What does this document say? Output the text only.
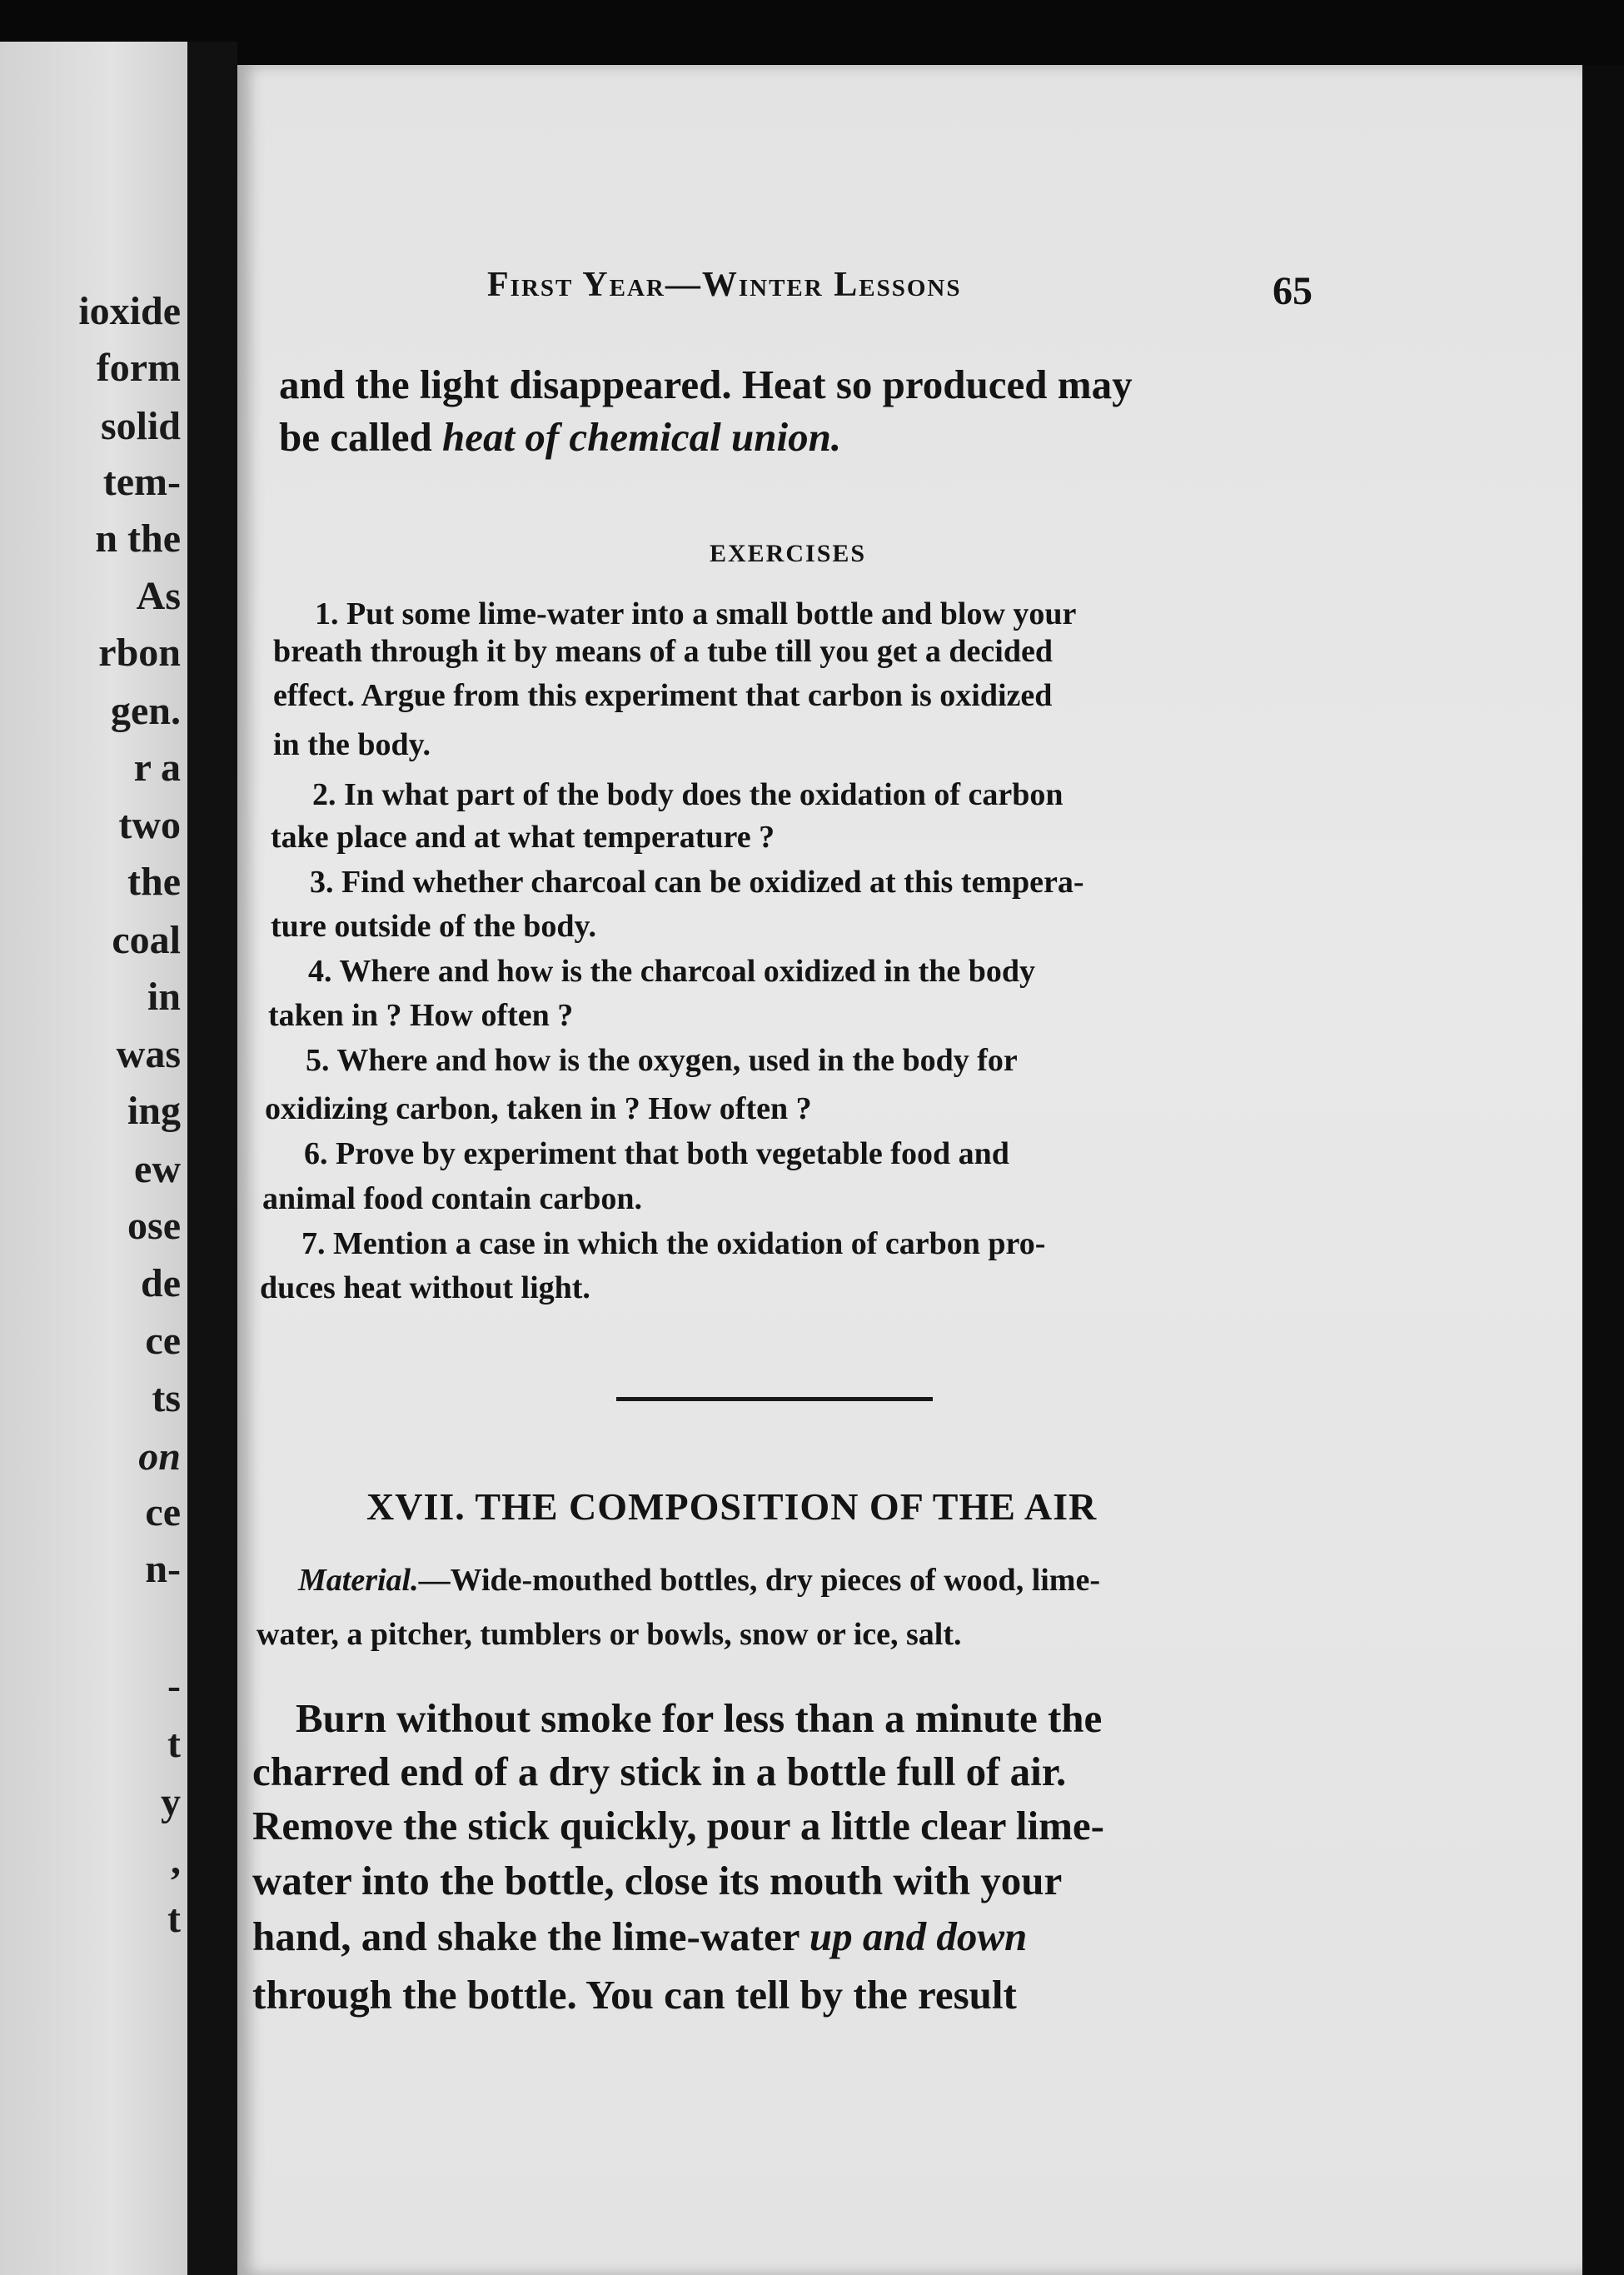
ioxide
form
solid
tem-
n the
As
rbon
gen.
r a
two
the
coal
in
was
ing
ew
ose
de
ce
ts
on
ce
n-
-
t
y
,
t
First Year—Winter Lessons	65
and the light disappeared. Heat so produced may
be called heat of chemical union.
EXERCISES
1. Put some lime-water into a small bottle and blow your
breath through it by means of a tube till you get a decided
effect. Argue from this experiment that carbon is oxidized
in the body.
2. In what part of the body does the oxidation of carbon
take place and at what temperature ?
3. Find whether charcoal can be oxidized at this tempera-
ture outside of the body.
4. Where and how is the charcoal oxidized in the body
taken in ? How often ?
5. Where and how is the oxygen, used in the body for
oxidizing carbon, taken in ? How often ?
6. Prove by experiment that both vegetable food and
animal food contain carbon.
7. Mention a case in which the oxidation of carbon pro-
duces heat without light.
XVII. THE COMPOSITION OF THE AIR
Material.—Wide-mouthed bottles, dry pieces of wood, lime-
water, a pitcher, tumblers or bowls, snow or ice, salt.
Burn without smoke for less than a minute the
charred end of a dry stick in a bottle full of air.
Remove the stick quickly, pour a little clear lime-
water into the bottle, close its mouth with your
hand, and shake the lime-water up and down
through the bottle. You can tell by the result
